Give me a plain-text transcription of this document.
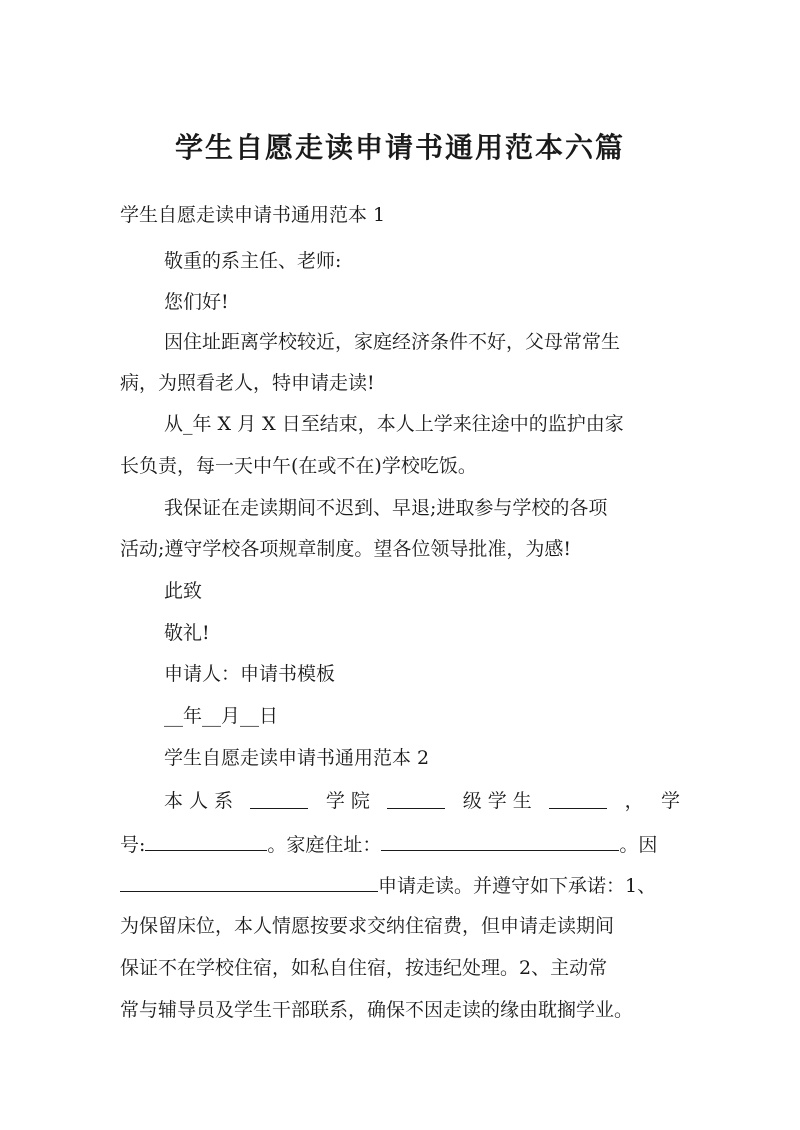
学生自愿走读申请书通用范本六篇
学生自愿走读申请书通用范本 1
敬重的系主任、老师:
您们好!
因住址距离学校较近，家庭经济条件不好，父母常常生
病，为照看老人，特申请走读!
从_年 X 月 X 日至结束，本人上学来往途中的监护由家
长负责，每一天中午(在或不在)学校吃饭。
我保证在走读期间不迟到、早退;进取参与学校的各项
活动;遵守学校各项规章制度。望各位领导批准，为感!
此致
敬礼!
申请人：申请书模板
__年__月__日
学生自愿走读申请书通用范本 2
本 人 系	学 院	级 学 生	， 学
号:	。家庭住址：	。因
申请走读。并遵守如下承诺：1、
为保留床位，本人情愿按要求交纳住宿费，但申请走读期间
保证不在学校住宿，如私自住宿，按违纪处理。2、主动常
常与辅导员及学生干部联系，确保不因走读的缘由耽搁学业。
